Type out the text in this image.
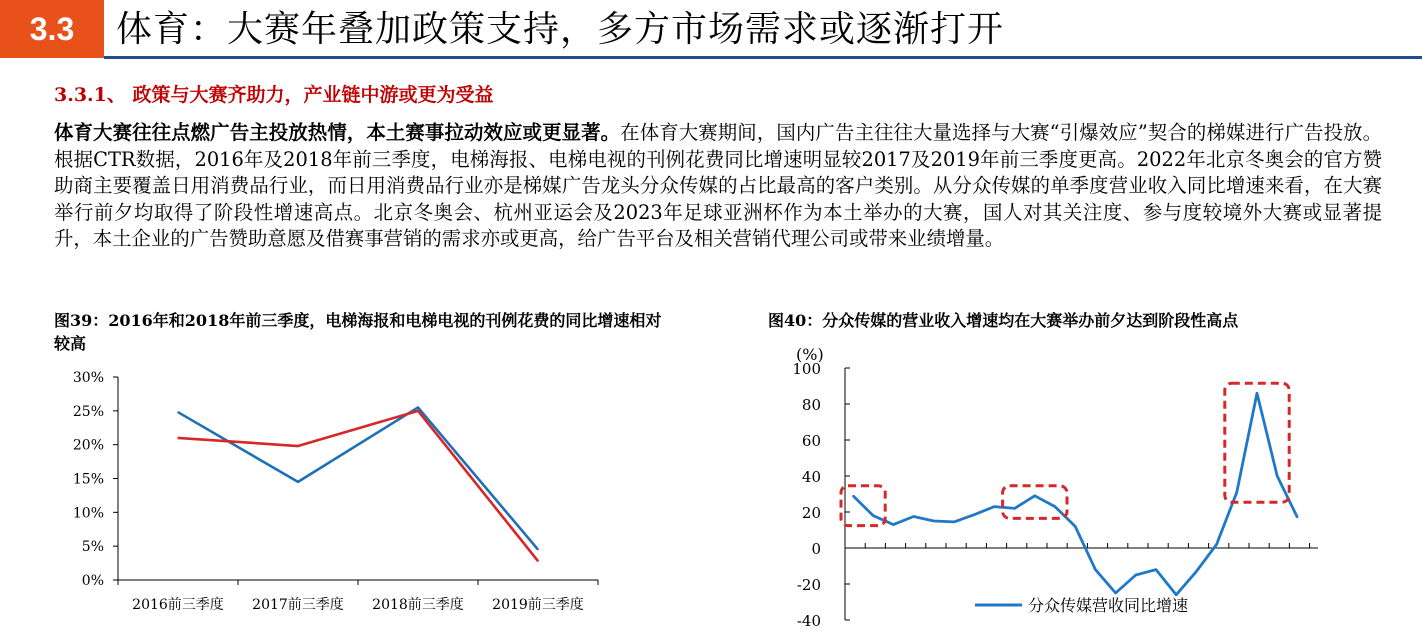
3.3	体育：大赛年叠加政策支持，多方市场需求或逐渐打开
3.3.1、 政策与大赛齐助力，产业链中游或更为受益
体育大赛往往点燃广告主投放热情，本土赛事拉动效应或更显著。在体育大赛期间，国内广告主往往大量选择与大赛“引爆效应”契合的梯媒进行广告投放。根据CTR数据，2016年及2018年前三季度，电梯海报、电梯电视的刊例花费同比增速明显较2017及2019年前三季度更高。2022年北京冬奥会的官方赞助商主要覆盖日用消费品行业，而日用消费品行业亦是梯媒广告龙头分众传媒的占比最高的客户类别。从分众传媒的单季度营业收入同比增速来看，在大赛举行前夕均取得了阶段性增速高点。北京冬奥会、杭州亚运会及2023年足球亚洲杯作为本土举办的大赛，国人对其关注度、参与度较境外大赛或显著提升，本土企业的广告赞助意愿及借赛事营销的需求亦或更高，给广告平台及相关营销代理公司或带来业绩增量。
图39：2016年和2018年前三季度，电梯海报和电梯电视的刊例花费的同比增速相对较高
图40：分众传媒的营业收入增速均在大赛举办前夕达到阶段性高点
0%
5%
10%
15%
20%
25%
30%
2016前三季度 2017前三季度 2018前三季度 2019前三季度
-40
-20
0
20
40
60
80
100
(%)
分众传媒营收同比增速
